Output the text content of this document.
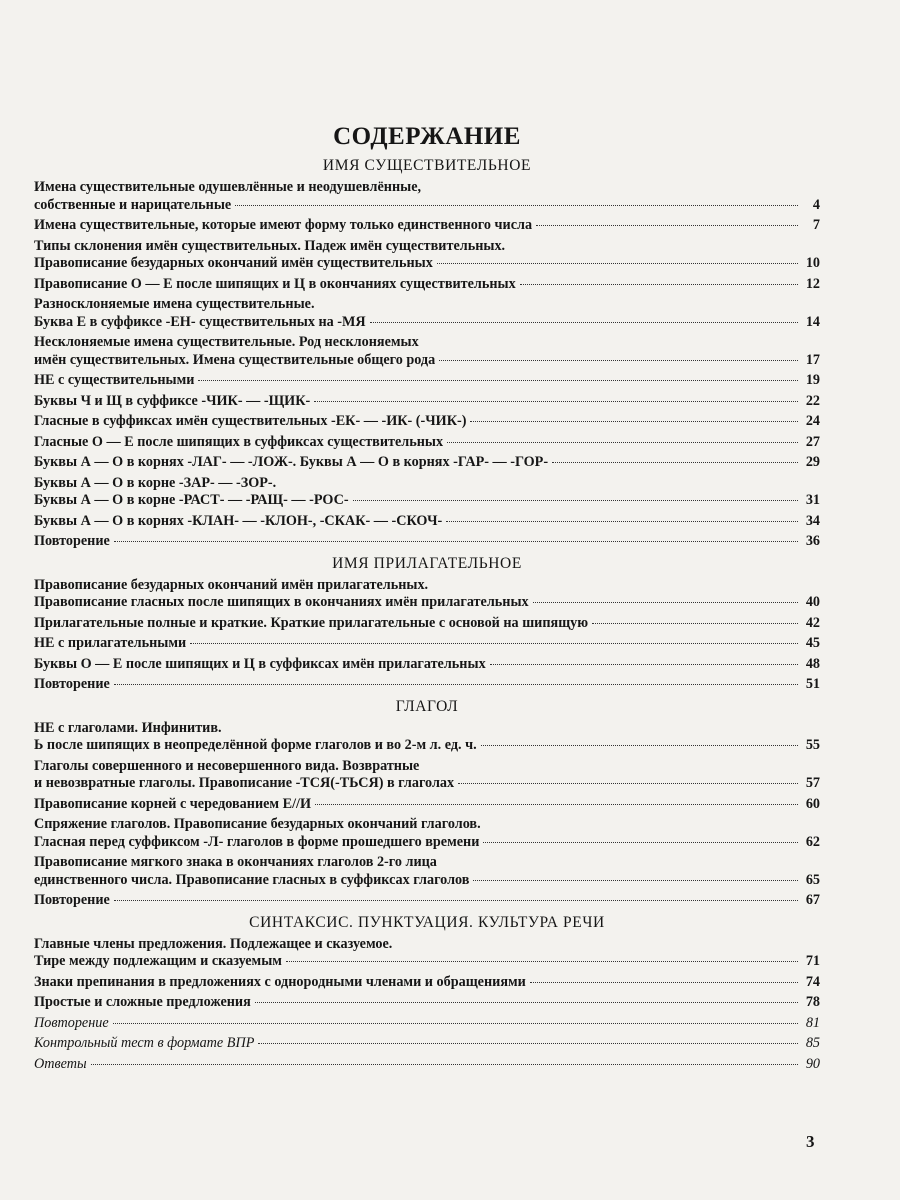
СОДЕРЖАНИЕ
ИМЯ СУЩЕСТВИТЕЛЬНОЕ
Имена существительные одушевлённые и неодушевлённые,
собственные и нарицательные	4
Имена существительные, которые имеют форму только единственного числа	7
Типы склонения имён существительных. Падеж имён существительных.
Правописание безударных окончаний имён существительных	10
Правописание О — Е после шипящих и Ц в окончаниях существительных	12
Разносклоняемые имена существительные.
Буква Е в суффиксе -ЕН- существительных на -МЯ	14
Несклоняемые имена существительные. Род несклоняемых
имён существительных. Имена существительные общего рода	17
НЕ с существительными	19
Буквы Ч и Щ в суффиксе -ЧИК- — -ЩИК-	22
Гласные в суффиксах имён существительных -ЕК- — -ИК- (-ЧИК-)	24
Гласные О — Е после шипящих в суффиксах существительных	27
Буквы А — О в корнях -ЛАГ- — -ЛОЖ-. Буквы А — О в корнях -ГАР- — -ГОР-	29
Буквы А — О в корне -ЗАР- — -ЗОР-.
Буквы А — О в корне -РАСТ- — -РАЩ- — -РОС-	31
Буквы А — О в корнях -КЛАН- — -КЛОН-, -СКАК- — -СКОЧ-	34
Повторение	36
ИМЯ ПРИЛАГАТЕЛЬНОЕ
Правописание безударных окончаний имён прилагательных.
Правописание гласных после шипящих в окончаниях имён прилагательных	40
Прилагательные полные и краткие. Краткие прилагательные с основой на шипящую	42
НЕ с прилагательными	45
Буквы О — Е после шипящих и Ц в суффиксах имён прилагательных	48
Повторение	51
ГЛАГОЛ
НЕ с глаголами. Инфинитив.
Ь после шипящих в неопределённой форме глаголов и во 2-м л. ед. ч.	55
Глаголы совершенного и несовершенного вида. Возвратные
и невозвратные глаголы. Правописание -ТСЯ(-ТЬСЯ) в глаголах	57
Правописание корней с чередованием Е//И	60
Спряжение глаголов. Правописание безударных окончаний глаголов.
Гласная перед суффиксом -Л- глаголов в форме прошедшего времени	62
Правописание мягкого знака в окончаниях глаголов 2-го лица
единственного числа. Правописание гласных в суффиксах глаголов	65
Повторение	67
СИНТАКСИС. ПУНКТУАЦИЯ. КУЛЬТУРА РЕЧИ
Главные члены предложения. Подлежащее и сказуемое.
Тире между подлежащим и сказуемым	71
Знаки препинания в предложениях с однородными членами и обращениями	74
Простые и сложные предложения	78
Повторение	81
Контрольный тест в формате ВПР	85
Ответы	90
3
